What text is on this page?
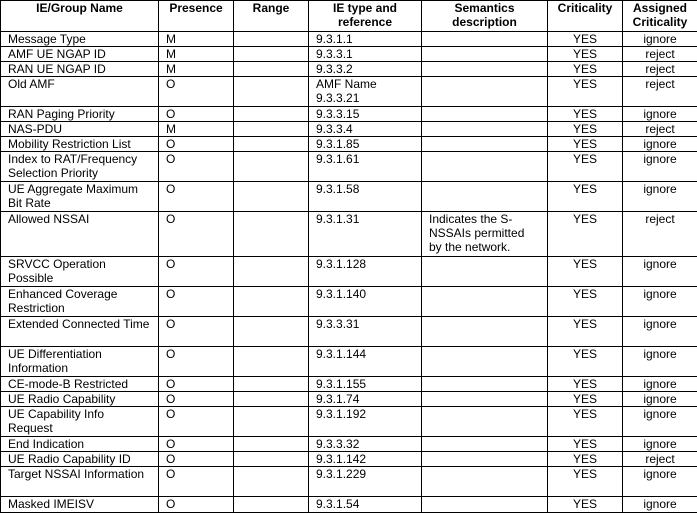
IE/Group Name	Presence	Range	IE type and reference	Semantics description	Criticality	Assigned Criticality
Message Type	M		9.3.1.1		YES	ignore
AMF UE NGAP ID	M		9.3.3.1		YES	reject
RAN UE NGAP ID	M		9.3.3.2		YES	reject
Old AMF	O		AMF Name 9.3.3.21		YES	reject
RAN Paging Priority	O		9.3.3.15		YES	ignore
NAS-PDU	M		9.3.3.4		YES	reject
Mobility Restriction List	O		9.3.1.85		YES	ignore
Index to RAT/Frequency Selection Priority	O		9.3.1.61		YES	ignore
UE Aggregate Maximum Bit Rate	O		9.3.1.58		YES	ignore
Allowed NSSAI	O		9.3.1.31	Indicates the S-NSSAIs permitted by the network.	YES	reject
SRVCC Operation Possible	O		9.3.1.128		YES	ignore
Enhanced Coverage Restriction	O		9.3.1.140		YES	ignore
Extended Connected Time	O		9.3.3.31		YES	ignore
UE Differentiation Information	O		9.3.1.144		YES	ignore
CE-mode-B Restricted	O		9.3.1.155		YES	ignore
UE Radio Capability	O		9.3.1.74		YES	ignore
UE Capability Info Request	O		9.3.1.192		YES	ignore
End Indication	O		9.3.3.32		YES	ignore
UE Radio Capability ID	O		9.3.1.142		YES	reject
Target NSSAI Information	O		9.3.1.229		YES	ignore
Masked IMEISV	O		9.3.1.54		YES	ignore
